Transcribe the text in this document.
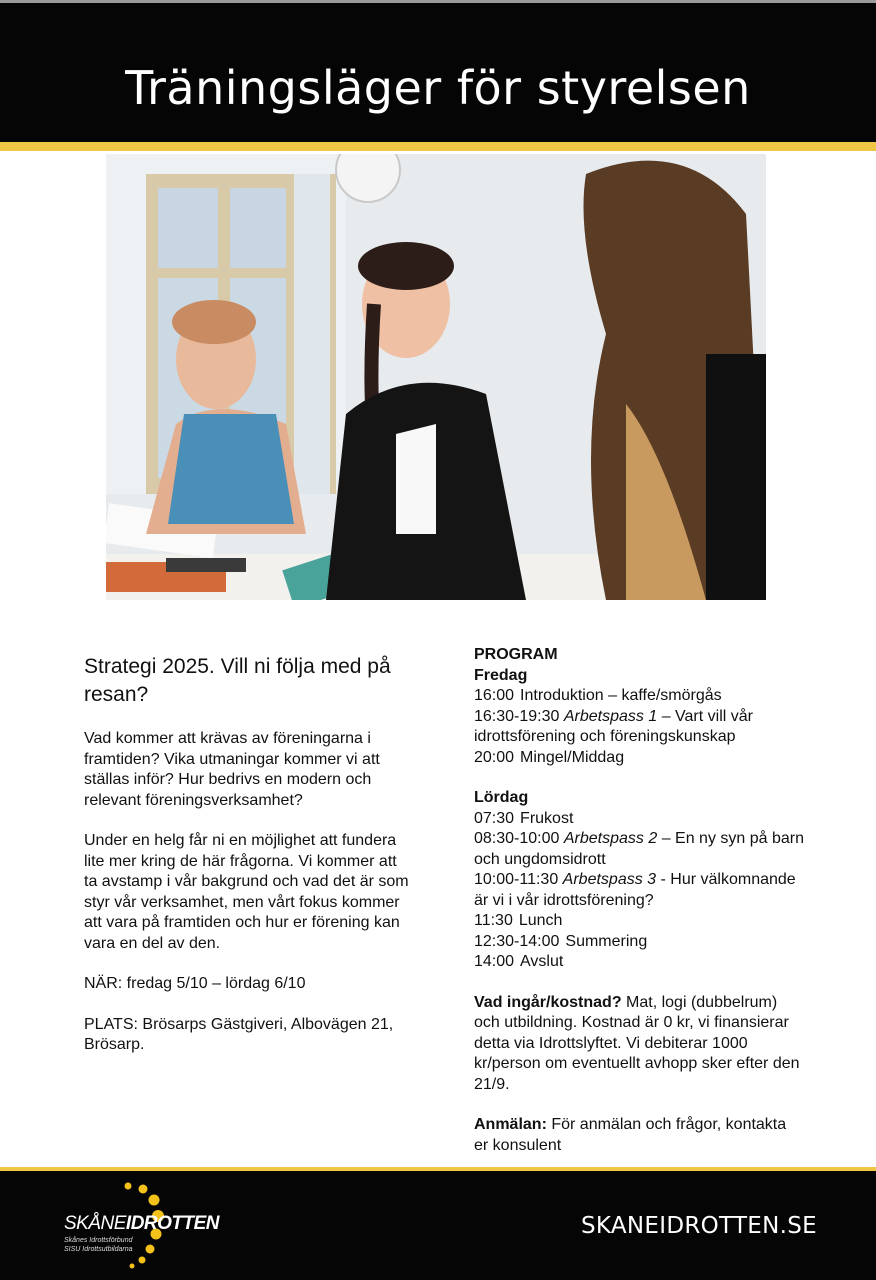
Träningsläger för styrelsen
Strategi 2025. Vill ni följa med på resan?
Vad kommer att krävas av föreningarna i framtiden? Vika utmaningar kommer vi att ställas inför? Hur bedrivs en modern och relevant föreningsverksamhet?
Under en helg får ni en möjlighet att fundera lite mer kring de här frågorna. Vi kommer att ta avstamp i vår bakgrund och vad det är som styr vår verksamhet, men vårt fokus kommer att vara på framtiden och hur er förening kan vara en del av den.
NÄR: fredag 5/10 – lördag 6/10
PLATS: Brösarps Gästgiveri, Albovägen 21, Brösarp.
PROGRAM
Fredag
16:00 Introduktion – kaffe/smörgås
16:30-19:30 Arbetspass 1 – Vart vill vår idrottsförening och föreningskunskap
20:00 Mingel/Middag
Lördag
07:30 Frukost
08:30-10:00 Arbetspass 2 – En ny syn på barn och ungdomsidrott
10:00-11:30 Arbetspass 3 - Hur välkomnande är vi i vår idrottsförening?
11:30 Lunch
12:30-14:00 Summering
14:00 Avslut
Vad ingår/kostnad? Mat, logi (dubbelrum) och utbildning. Kostnad är 0 kr, vi finansierar detta via Idrottslyftet. Vi debiterar 1000 kr/person om eventuellt avhopp sker efter den 21/9.
Anmälan: För anmälan och frågor, kontakta er konsulent
SKÅNEIDROTTEN
Skånes Idrottsförbund
SISU Idrottsutbildarna
SKANEIDROTTEN.SE
